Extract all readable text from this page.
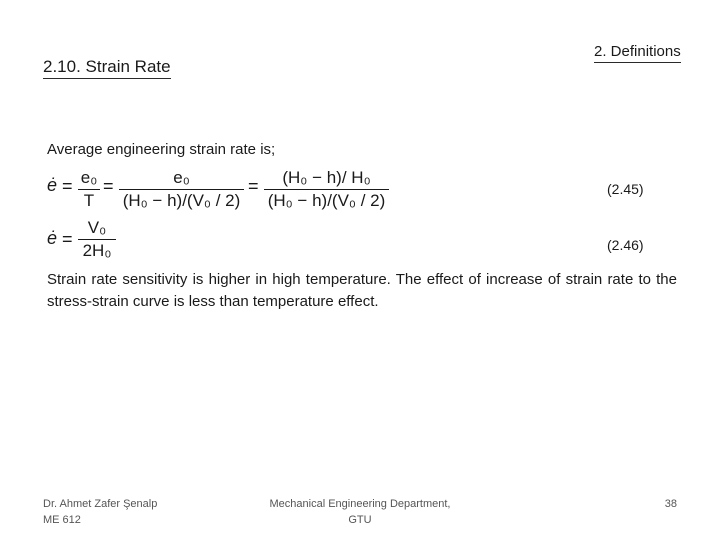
2.10. Strain Rate
2. Definitions
Average engineering strain rate is;
ė = e₀
T
=	e₀
(H₀ − h)/(V₀ / 2)
=	(H₀ − h)/ H₀
(H₀ − h)/(V₀ / 2)
(2.45)
ė =
V₀
2H₀	(2.46)
Strain rate sensitivity is higher in high temperature. The effect of increase of strain rate to the stress-strain curve is less than temperature effect.
Dr. Ahmet Zafer Şenalp
ME 612
Mechanical Engineering Department,
GTU
38
